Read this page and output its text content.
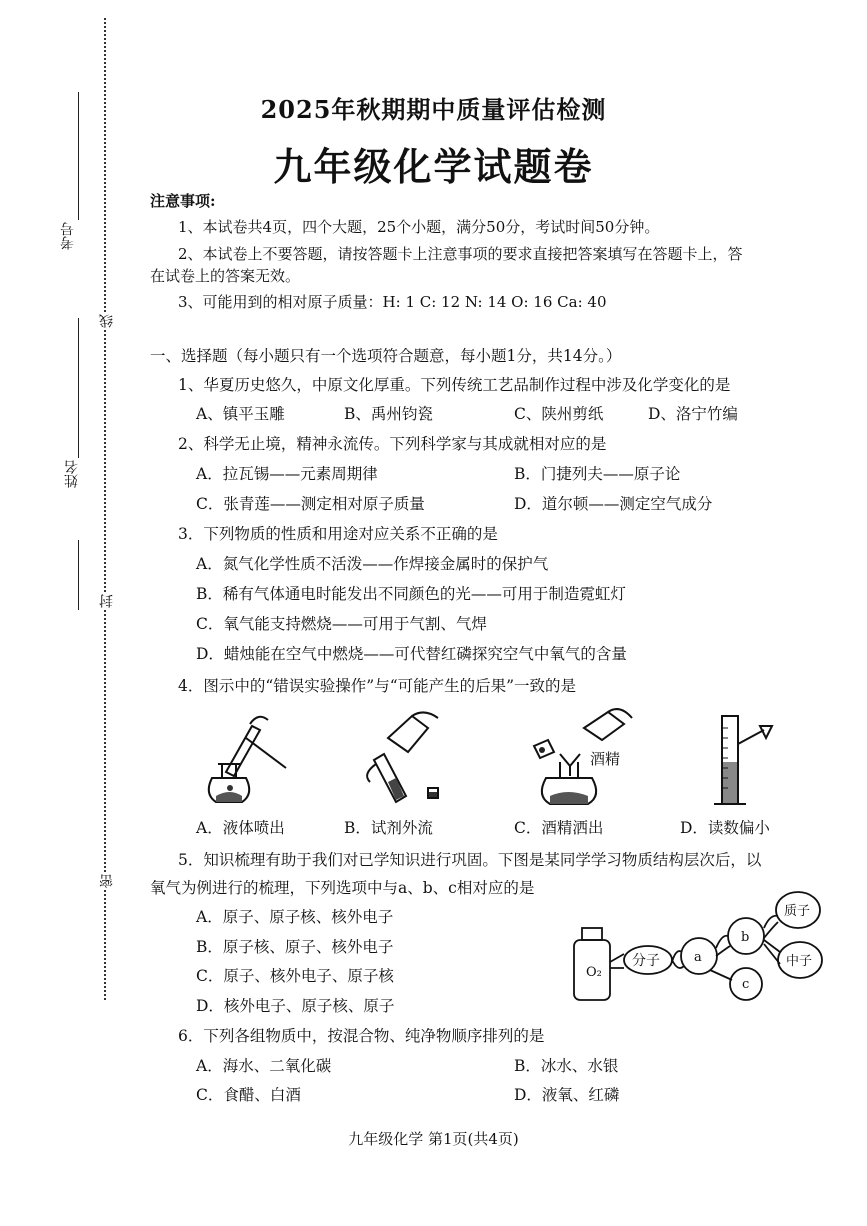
考号
姓名
线
封
密
2025年秋期期中质量评估检测
九年级化学试题卷
注意事项:
1、本试卷共4页，四个大题，25个小题，满分50分，考试时间50分钟。
2、本试卷上不要答题，请按答题卡上注意事项的要求直接把答案填写在答题卡上，答
在试卷上的答案无效。
3、可能用到的相对原子质量：H: 1 C: 12 N: 14 O: 16 Ca: 40
一、选择题（每小题只有一个选项符合题意，每小题1分，共14分。）
1、华夏历史悠久，中原文化厚重。下列传统工艺品制作过程中涉及化学变化的是
A、镇平玉雕	B、禹州钧瓷	C、陕州剪纸	D、洛宁竹编
2、科学无止境，精神永流传。下列科学家与其成就相对应的是
A．拉瓦锡——元素周期律	B．门捷列夫——原子论
C．张青莲——测定相对原子质量	D．道尔顿——测定空气成分
3．下列物质的性质和用途对应关系不正确的是
A．氮气化学性质不活泼——作焊接金属时的保护气
B．稀有气体通电时能发出不同颜色的光——可用于制造霓虹灯
C．氧气能支持燃烧——可用于气割、气焊
D．蜡烛能在空气中燃烧——可代替红磷探究空气中氧气的含量
4．图示中的“错误实验操作”与“可能产生的后果”一致的是
酒精
A．液体喷出	B．试剂外流	C．酒精洒出	D．读数偏小
5．知识梳理有助于我们对已学知识进行巩固。下图是某同学学习物质结构层次后，以
氧气为例进行的梳理，下列选项中与a、b、c相对应的是
A．原子、原子核、核外电子
B．原子核、原子、核外电子
C．原子、核外电子、原子核
D．核外电子、原子核、原子
O₂
分子	a
b
c
质子
中子
6．下列各组物质中，按混合物、纯净物顺序排列的是
A．海水、二氧化碳	B．冰水、水银
C．食醋、白酒	D．液氧、红磷
九年级化学 第1页(共4页)
